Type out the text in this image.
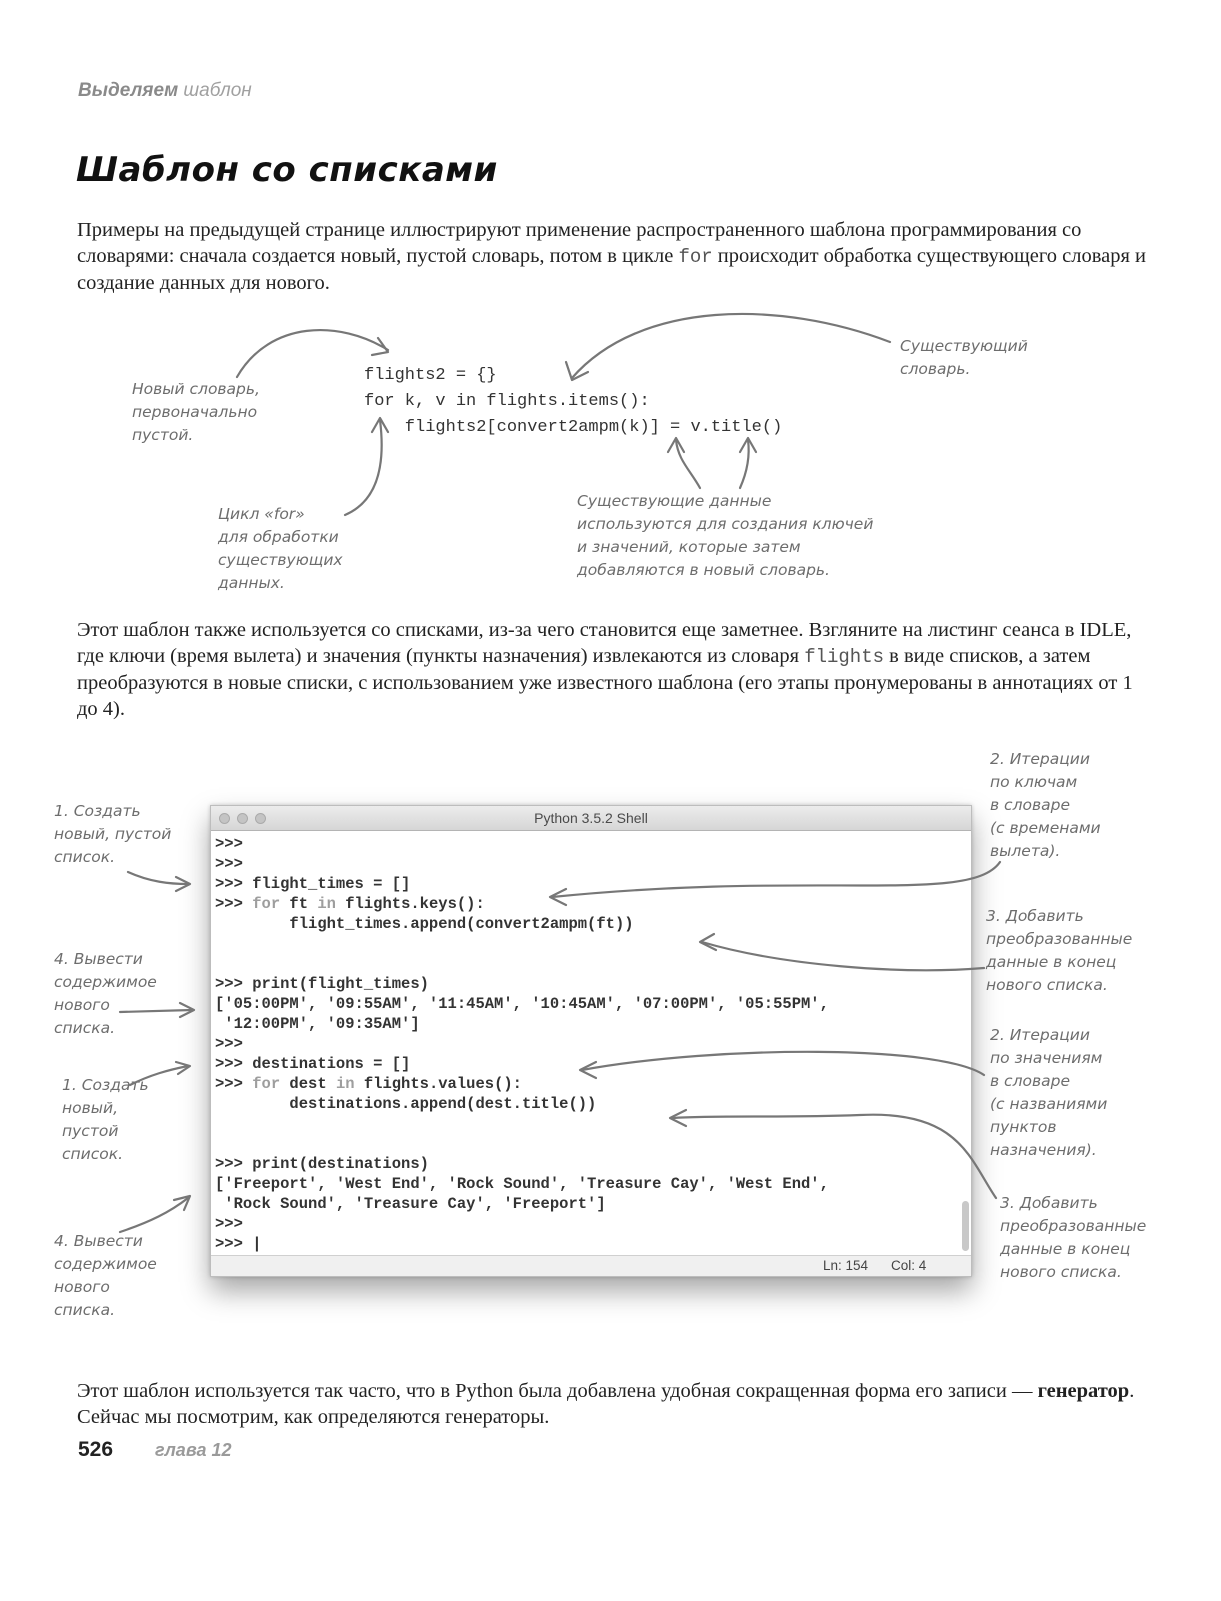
Выделяем шаблон
Шаблон со списками
Примеры на предыдущей странице иллюстрируют применение распространенного шаблона программирования со словарями: сначала создается новый, пустой словарь, потом в цикле for происходит обработка существующего словаря и создание данных для нового.
flights2 = {}
for k, v in flights.items():
flights2[convert2ampm(k)] = v.title()
Новый словарь,
первоначально
пустой.
Существующий
словарь.
Цикл «for»
для обработки
существующих
данных.
Существующие данные
используются для создания ключей
и значений, которые затем
добавляются в новый словарь.
Этот шаблон также используется со списками, из-за чего становится еще заметнее. Взгляните на листинг сеанса в IDLE, где ключи (время вылета) и значения (пункты назначения) извлекаются из словаря flights в виде списков, а затем преобразуются в новые списки, с использованием уже известного шаблона (его этапы пронумерованы в аннотациях от 1 до 4).
Python 3.5.2 Shell
>>>
>>>
>>> flight_times = []
>>> for ft in flights.keys():
flight_times.append(convert2ampm(ft))
>>> print(flight_times)
['05:00PM', '09:55AM', '11:45AM', '10:45AM', '07:00PM', '05:55PM',
'12:00PM', '09:35AM']
>>>
>>> destinations = []
>>> for dest in flights.values():
destinations.append(dest.title())
>>> print(destinations)
['Freeport', 'West End', 'Rock Sound', 'Treasure Cay', 'West End',
'Rock Sound', 'Treasure Cay', 'Freeport']
>>>
>>> |
Ln: 154 Col: 4
1. Создать
новый, пустой
список.
4. Вывести
содержимое
нового
списка.
1. Создать
новый,
пустой
список.
4. Вывести
содержимое
нового
списка.
2. Итерации
по ключам
в словаре
(с временами
вылета).
3. Добавить
преобразованные
данные в конец
нового списка.
2. Итерации
по значениям
в словаре
(с названиями
пунктов
назначения).
3. Добавить
преобразованные
данные в конец
нового списка.
Этот шаблон используется так часто, что в Python была добавлена удобная сокращенная форма его записи — генератор. Сейчас мы посмотрим, как определяются генераторы.
526 глава 12
